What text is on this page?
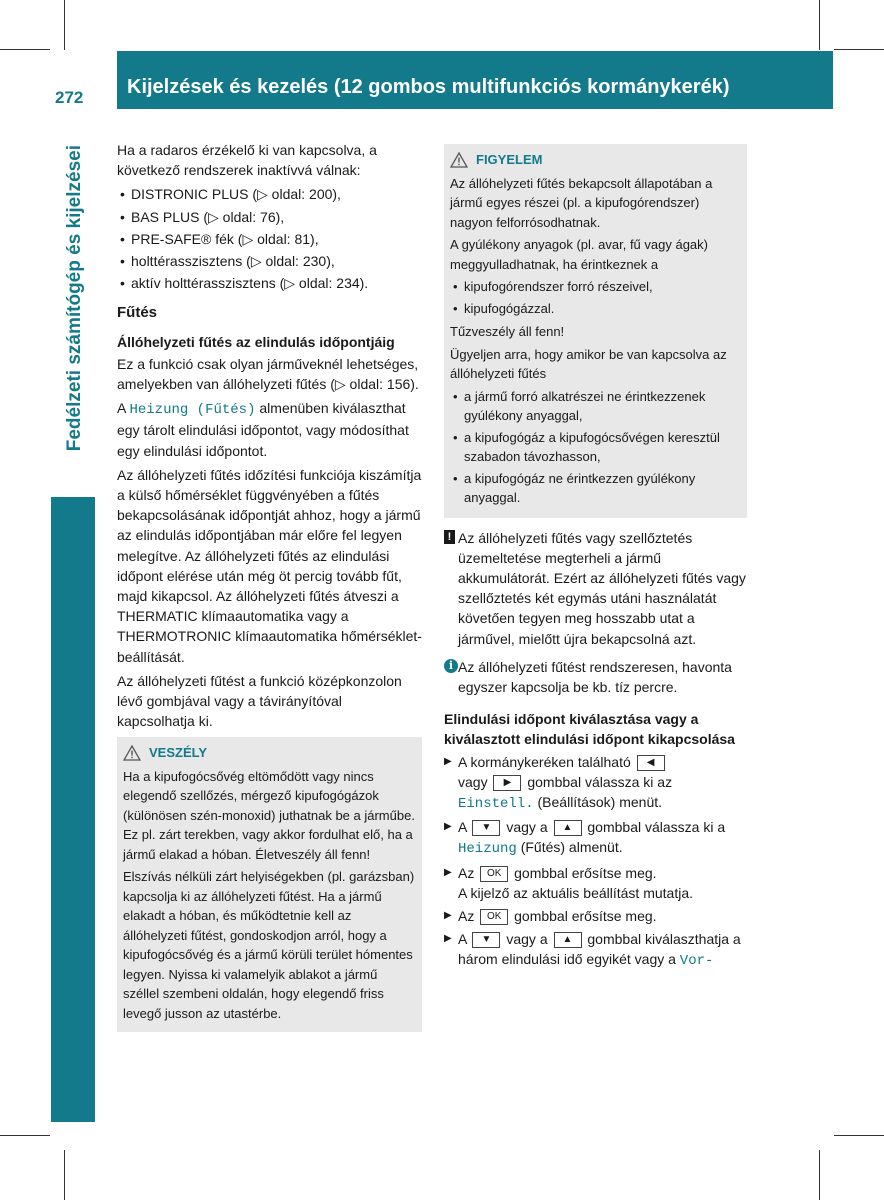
272 Kijelzések és kezelés (12 gombos multifunkciós kormánykerék)
Fedélzeti számítógép és kijelzései Ha a radaros érzékelő ki van kapcsolva, a következő rendszerek inaktívvá válnak:

• DISTRONIC PLUS (▷ oldal: 200),
• BAS PLUS (▷ oldal: 76),
• PRE-SAFE® fék (▷ oldal: 81),
• holttérasszisztens (▷ oldal: 230),
• aktív holttérasszisztens (▷ oldal: 234).
Fűtés
Állóhelyzeti fűtés az elindulás időpontjáig

Ez a funkció csak olyan járműveknél lehetséges, amelyekben van állóhelyzeti fűtés (▷ oldal: 156).

A Heizung (Fűtés) almenüben kiválaszthat egy tárolt elindulási időpontot, vagy módosíthat egy elindulási időpontot.

Az állóhelyzeti fűtés időzítési funkciója kiszámítja a külső hőmérséklet függvényében a fűtés bekapcsolásának időpontját ahhoz, hogy a jármű az elindulás időpontjában már előre fel legyen melegítve. Az állóhelyzeti fűtés az elindulási időpont elérése után még öt percig tovább fűt, majd kikapcsol. Az állóhelyzeti fűtés átveszi a THERMATIC klímaautomatika vagy a THERMOTRONIC klímaautomatika hőmérséklet-beállítását.

Az állóhelyzeti fűtést a funkció középkonzolon lévő gombjával vagy a távirányítóval kapcsolhatja ki.

VESZÉLY

Ha a kipufogócsővég eltömődött vagy nincs elegendő szellőzés, mérgező kipufogógázok (különösen szén-monoxid) juthatnak be a járműbe. Ez pl. zárt terekben, vagy akkor fordulhat elő, ha a jármű elakad a hóban. Életveszély áll fenn!

Elszívás nélküli zárt helyiségekben (pl. garázsban) kapcsolja ki az állóhelyzeti fűtést. Ha a jármű elakadt a hóban, és működtetnie kell az állóhelyzeti fűtést, gondoskodjon arról, hogy a kipufogócsővég és a jármű körüli terület hómentes legyen. Nyissa ki valamelyik ablakot a jármű széllel szembeni oldalán, hogy elegendő friss levegő jusson az utastérbe.

FIGYELEM

Az állóhelyzeti fűtés bekapcsolt állapotában a jármű egyes részei (pl. a kipufogórendszer) nagyon felforrósodhatnak.

A gyúlékony anyagok (pl. avar, fű vagy ágak) meggyulladhatnak, ha érintkeznek a

• kipufogórendszer forró részeivel,
• kipufogógázzal.

Tűzveszély áll fenn!

Ügyeljen arra, hogy amikor be van kapcsolva az állóhelyzeti fűtés

• a jármű forró alkatrészei ne érintkezzenek gyúlékony anyaggal,
• a kipufogógáz a kipufogócsővégen keresztül szabadon távozhasson,
• a kipufogógáz ne érintkezzen gyúlékony anyaggal.
! Az állóhelyzeti fűtés vagy szellőztetés üzemeltetése megterheli a jármű akkumulátorát. Ezért az állóhelyzeti fűtés vagy szellőztetés két egymás utáni használatát követően tegyen meg hosszabb utat a járművel, mielőtt újra bekapcsolná azt.
i Az állóhelyzeti fűtést rendszeresen, havonta egyszer kapcsolja be kb. tíz percre.
Elindulási időpont kiválasztása vagy a kiválasztott elindulási időpont kikapcsolása
▶ A kormánykeréken található ◀
vagy ▶ gombbal válassza ki az Einstell. (Beállítások) menüt.
▶ A ▼ vagy a ▲ gombbal válassza ki a Heizung (Fűtés) almenüt.
▶ Az OK gombbal erősítse meg.
A kijelző az aktuális beállítást mutatja.
▶ Az OK gombbal erősítse meg.
▶ A ▼ vagy a ▲ gombbal kiválaszthatja a három elindulási idő egyikét vagy a Vor-
